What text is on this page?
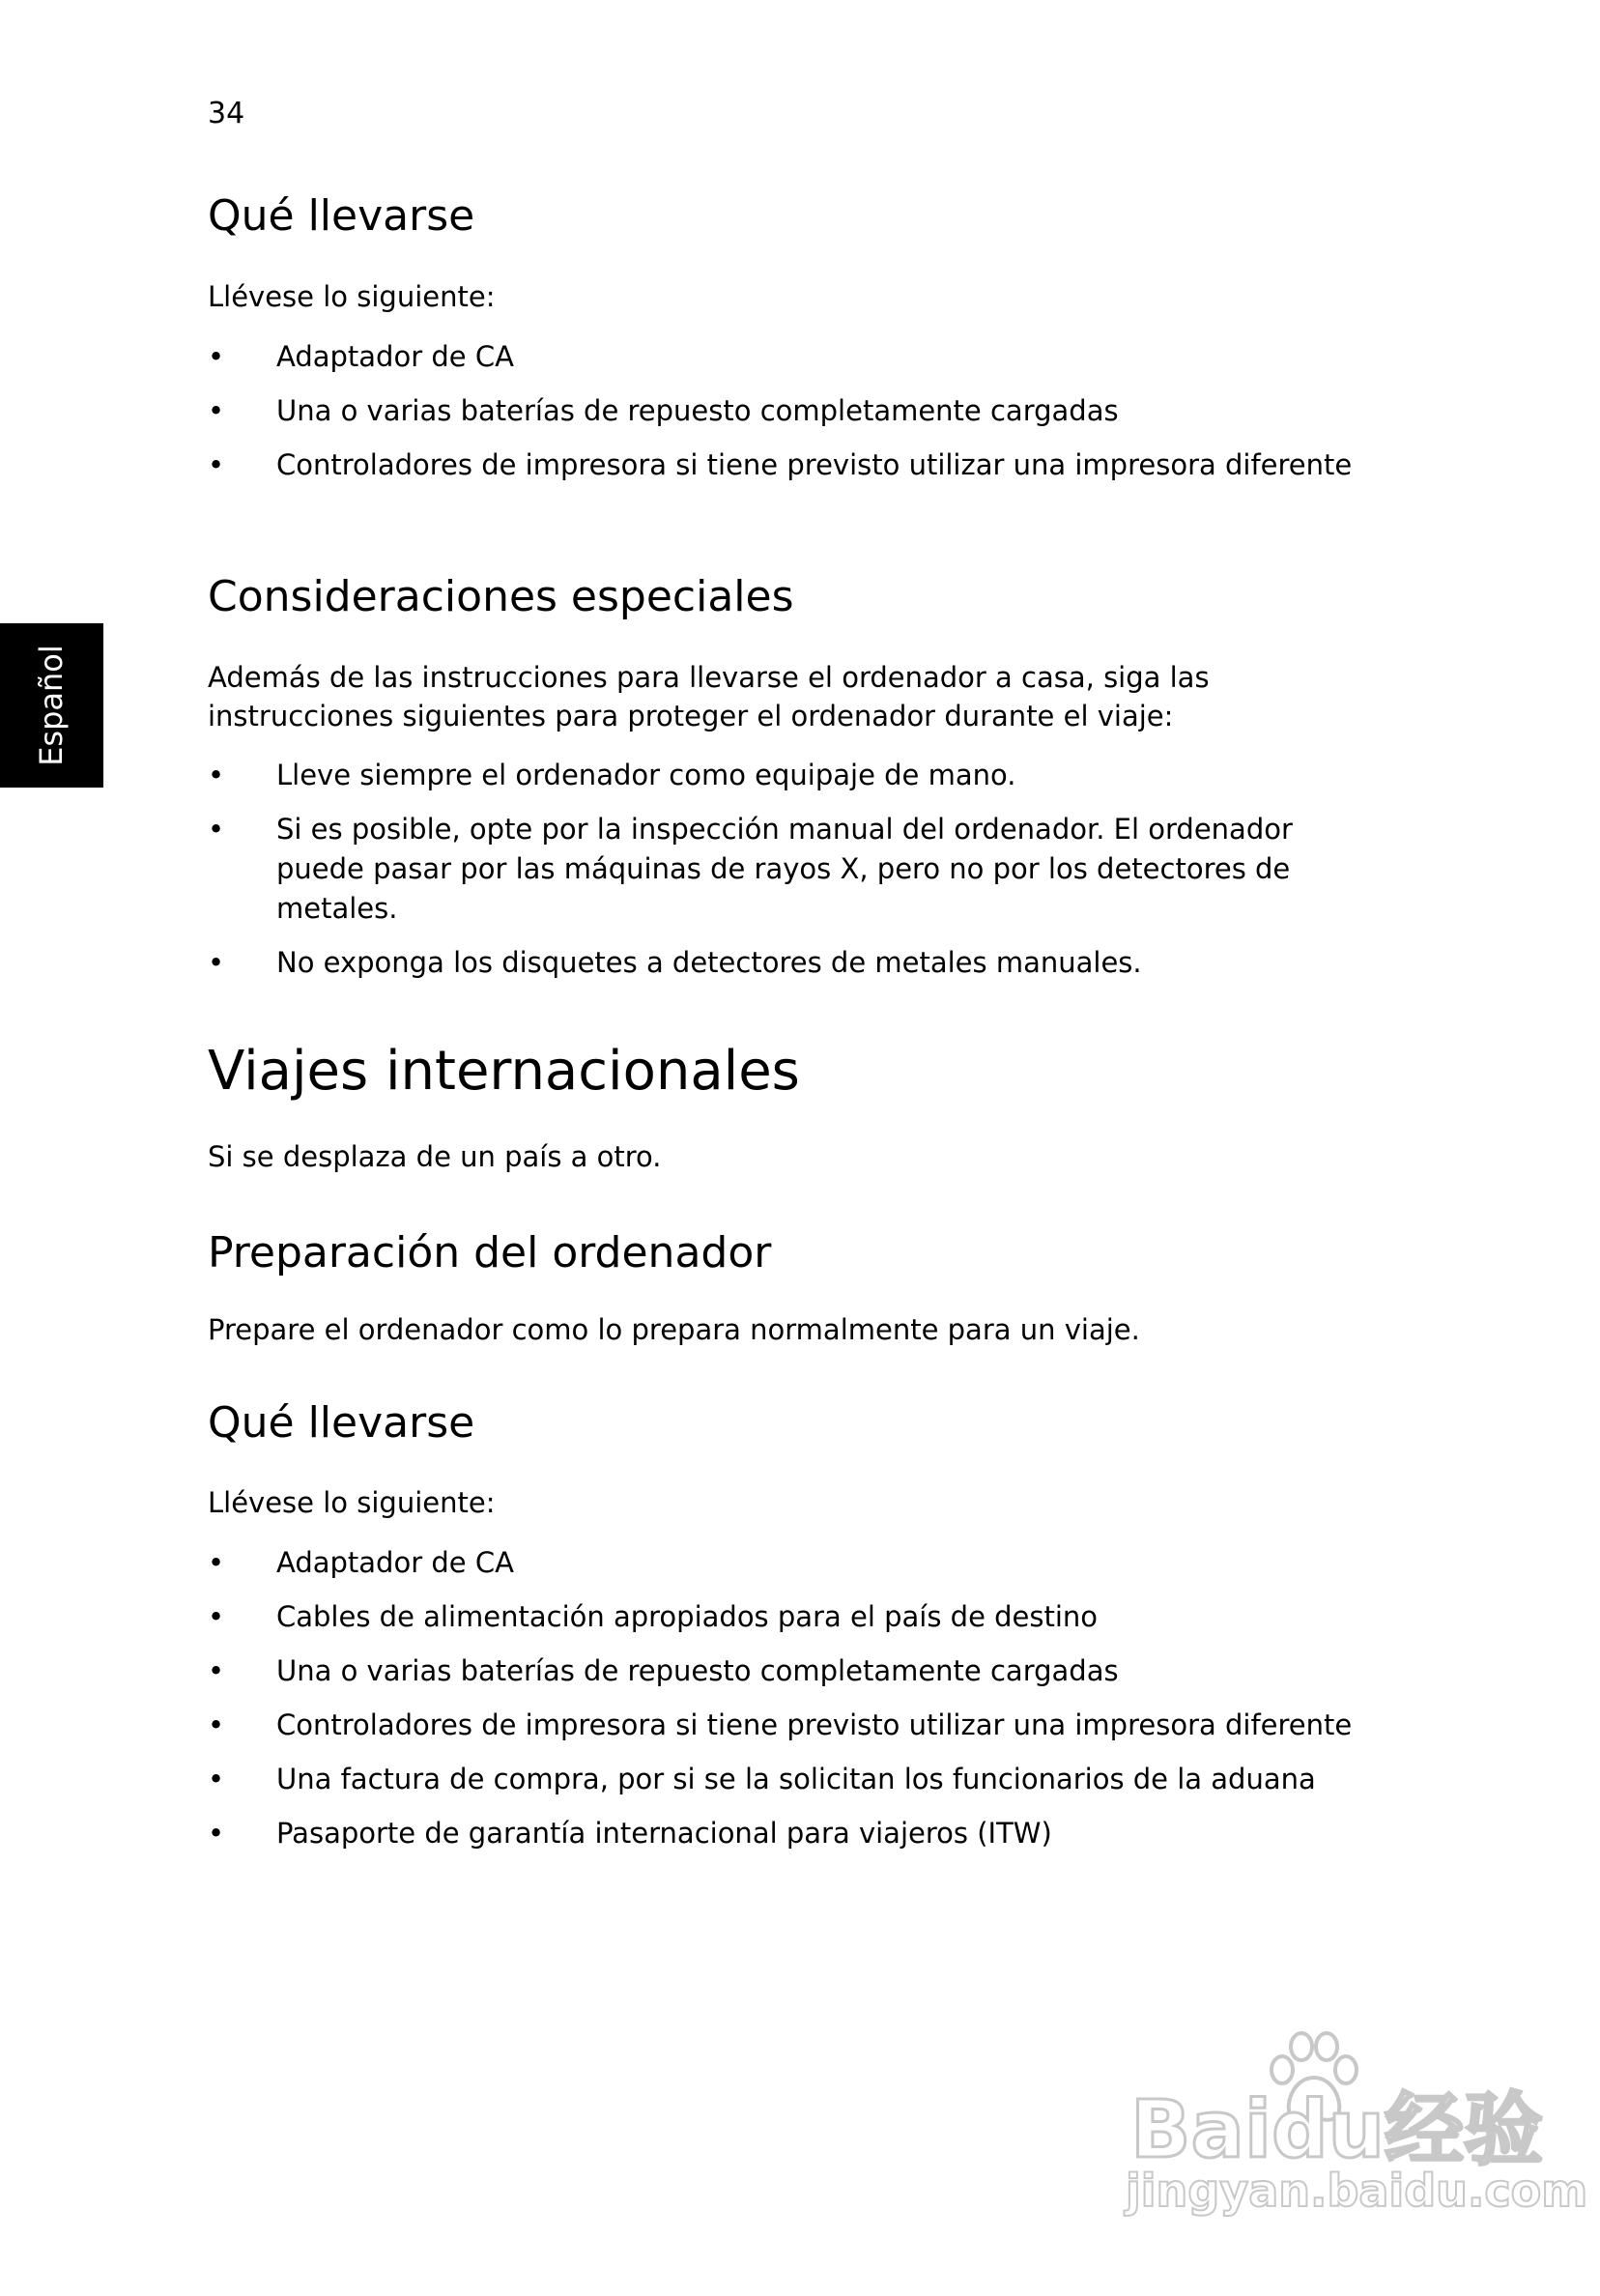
34
Español
Qué llevarse
Llévese lo siguiente:
•	Adaptador de CA
•	Una o varias baterías de repuesto completamente cargadas
•	Controladores de impresora si tiene previsto utilizar una impresora diferente
Consideraciones especiales
Además de las instrucciones para llevarse el ordenador a casa, siga las instrucciones siguientes para proteger el ordenador durante el viaje:
•	Lleve siempre el ordenador como equipaje de mano.
•	Si es posible, opte por la inspección manual del ordenador. El ordenador puede pasar por las máquinas de rayos X, pero no por los detectores de metales.
•	No exponga los disquetes a detectores de metales manuales.
Viajes internacionales
Si se desplaza de un país a otro.
Preparación del ordenador
Prepare el ordenador como lo prepara normalmente para un viaje.
Qué llevarse
Llévese lo siguiente:
•	Adaptador de CA
•	Cables de alimentación apropiados para el país de destino
•	Una o varias baterías de repuesto completamente cargadas
•	Controladores de impresora si tiene previsto utilizar una impresora diferente
•	Una factura de compra, por si se la solicitan los funcionarios de la aduana
•	Pasaporte de garantía internacional para viajeros (ITW)
Baidu经验
jingyan.baidu.com
